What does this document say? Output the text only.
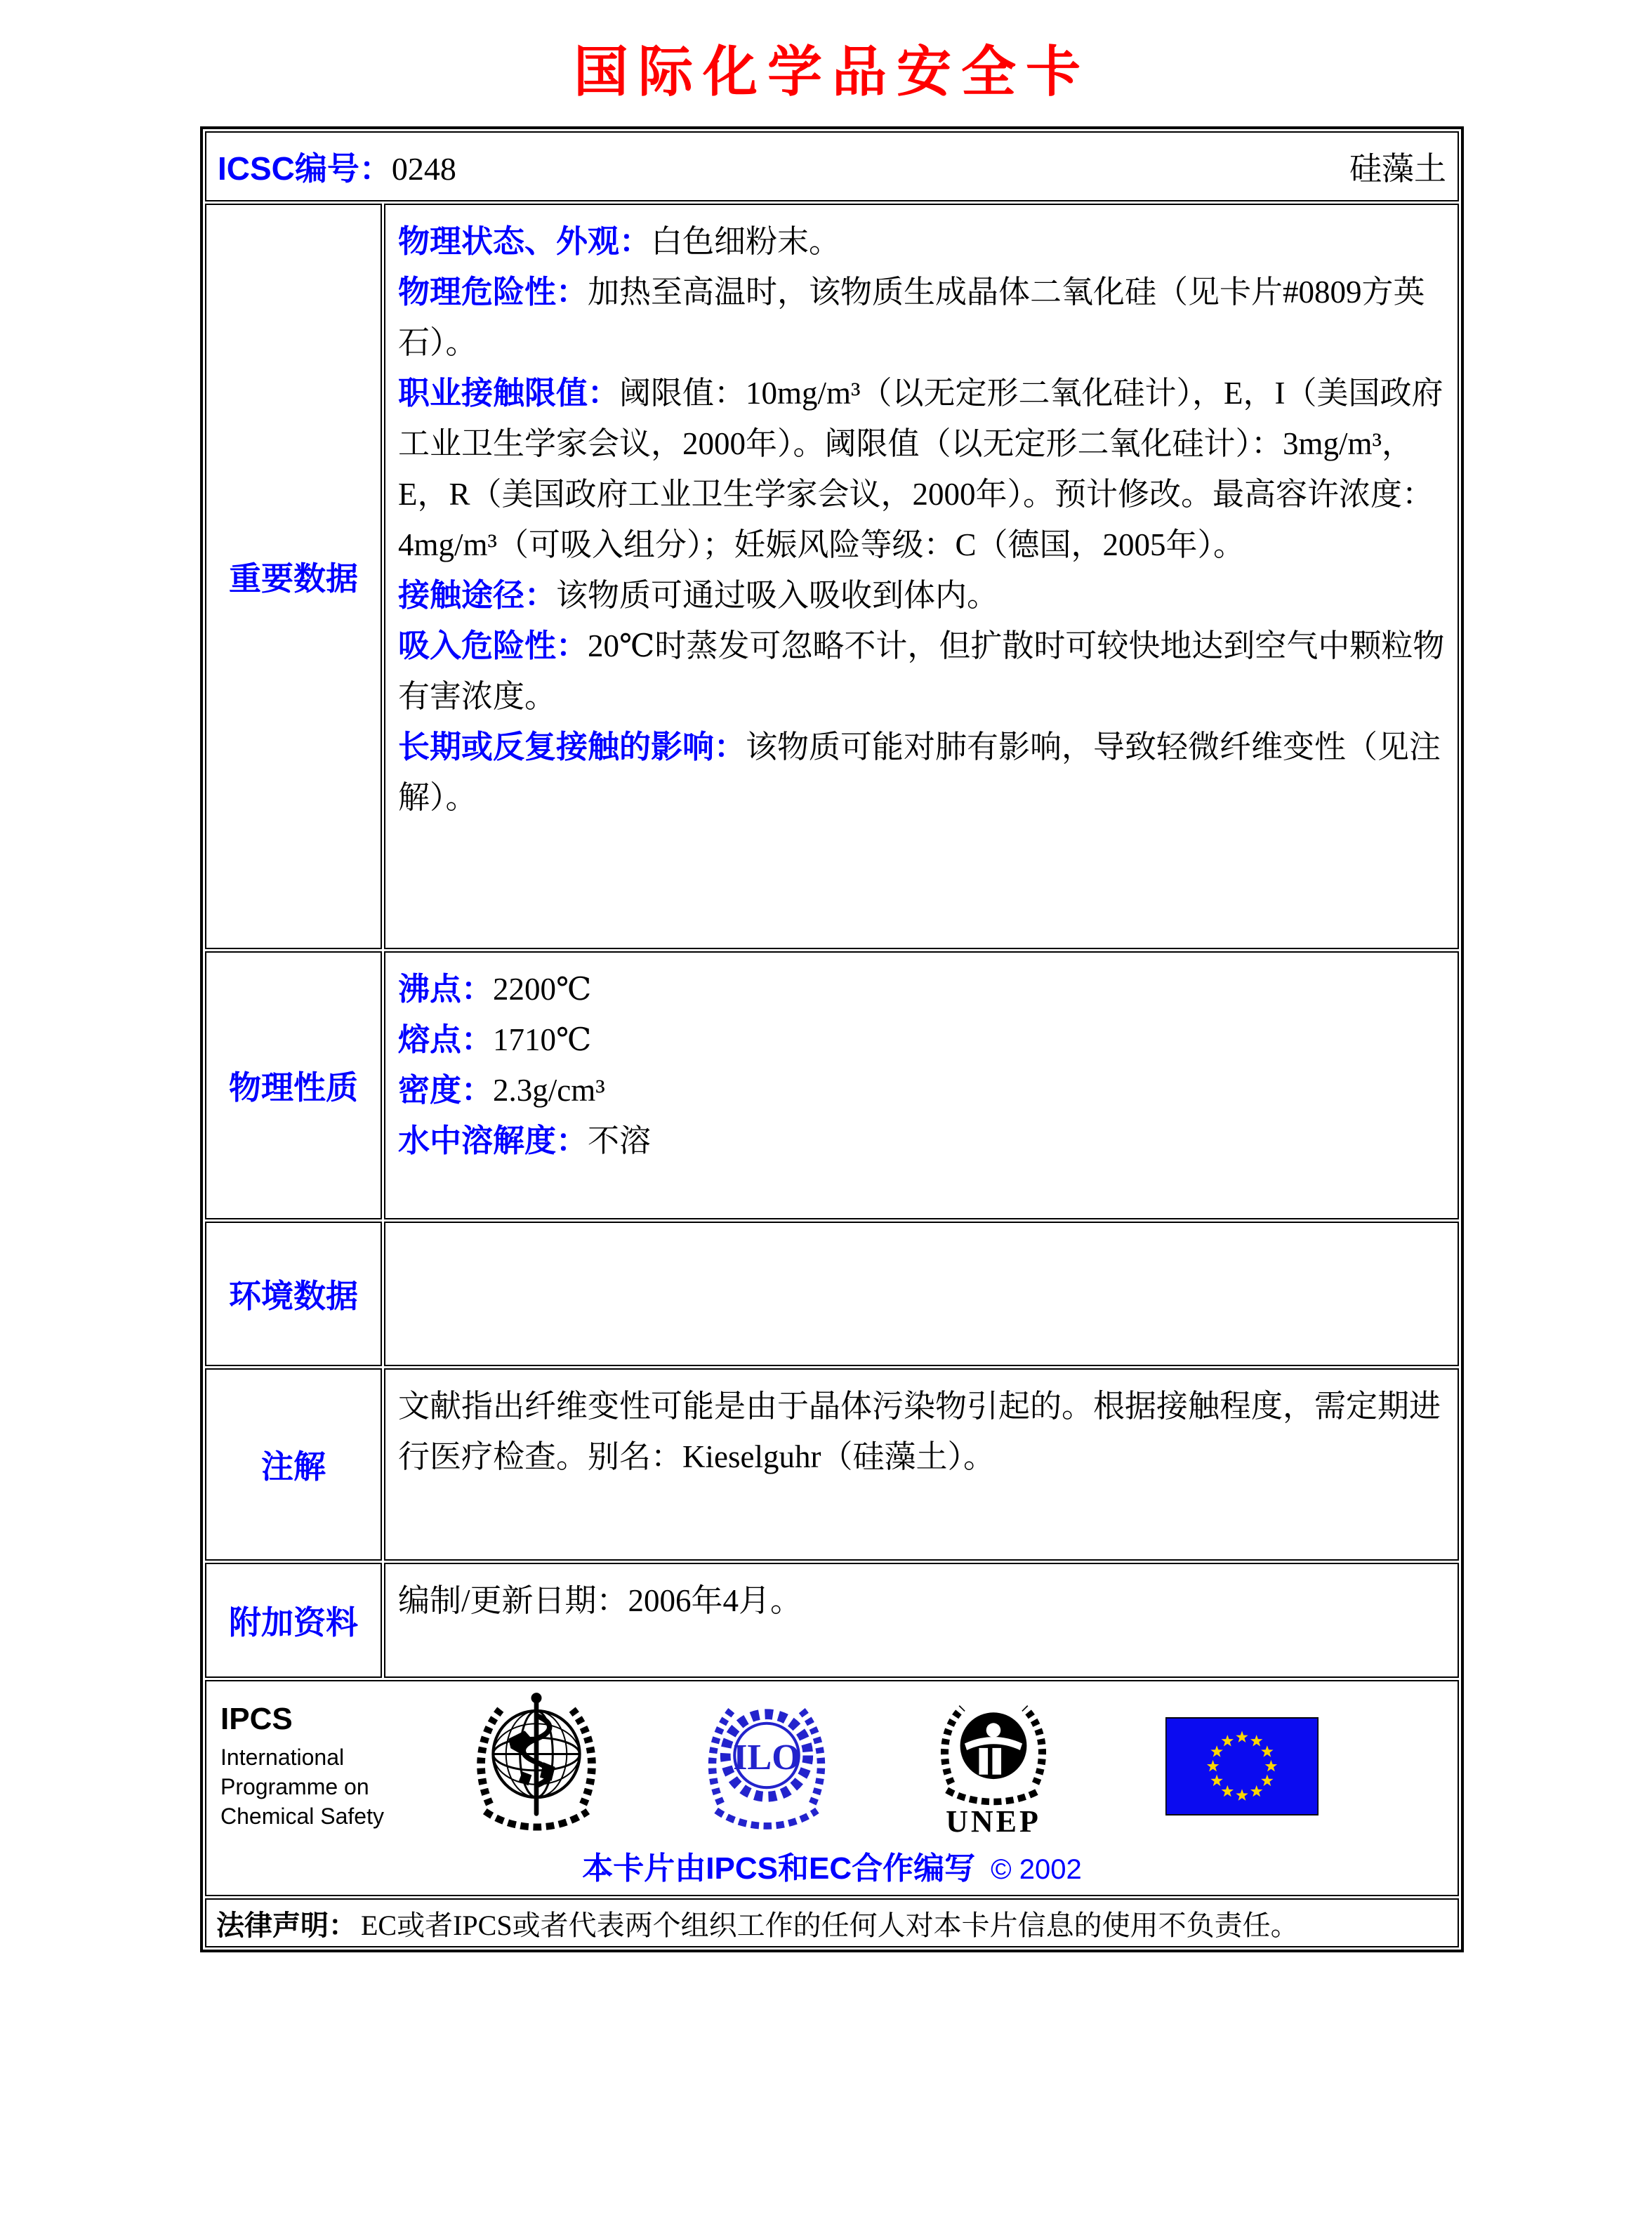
国际化学品安全卡
ICSC编号：0248	硅藻土
重要数据

物理状态、外观：白色细粉末。

物理危险性：加热至高温时，该物质生成晶体二氧化硅（见卡片#0809方英石）。

职业接触限值：阈限值：10mg/m³（以无定形二氧化硅计），E，I（美国政府工业卫生学家会议，2000年）。阈限值（以无定形二氧化硅计）：3mg/m³，E，R（美国政府工业卫生学家会议，2000年）。预计修改。最高容许浓度：4mg/m³（可吸入组分）；妊娠风险等级：C（德国，2005年）。

接触途径：该物质可通过吸入吸收到体内。

吸入危险性：20℃时蒸发可忽略不计，但扩散时可较快地达到空气中颗粒物有害浓度。

长期或反复接触的影响：该物质可能对肺有影响，导致轻微纤维变性（见注解）。

物理性质

沸点：2200℃

熔点：1710℃

密度：2.3g/cm³

水中溶解度：不溶

环境数据
注解
文献指出纤维变性可能是由于晶体污染物引起的。根据接触程度，需定期进行医疗检查。别名：Kieselguhr（硅藻土）。
附加资料
编制/更新日期：2006年4月。
IPCS
International
Programme on
Chemical Safety
ILO
UNEP
本卡片由IPCS和EC合作编写 © 2002
法律声明： EC或者IPCS或者代表两个组织工作的任何人对本卡片信息的使用不负责任。
